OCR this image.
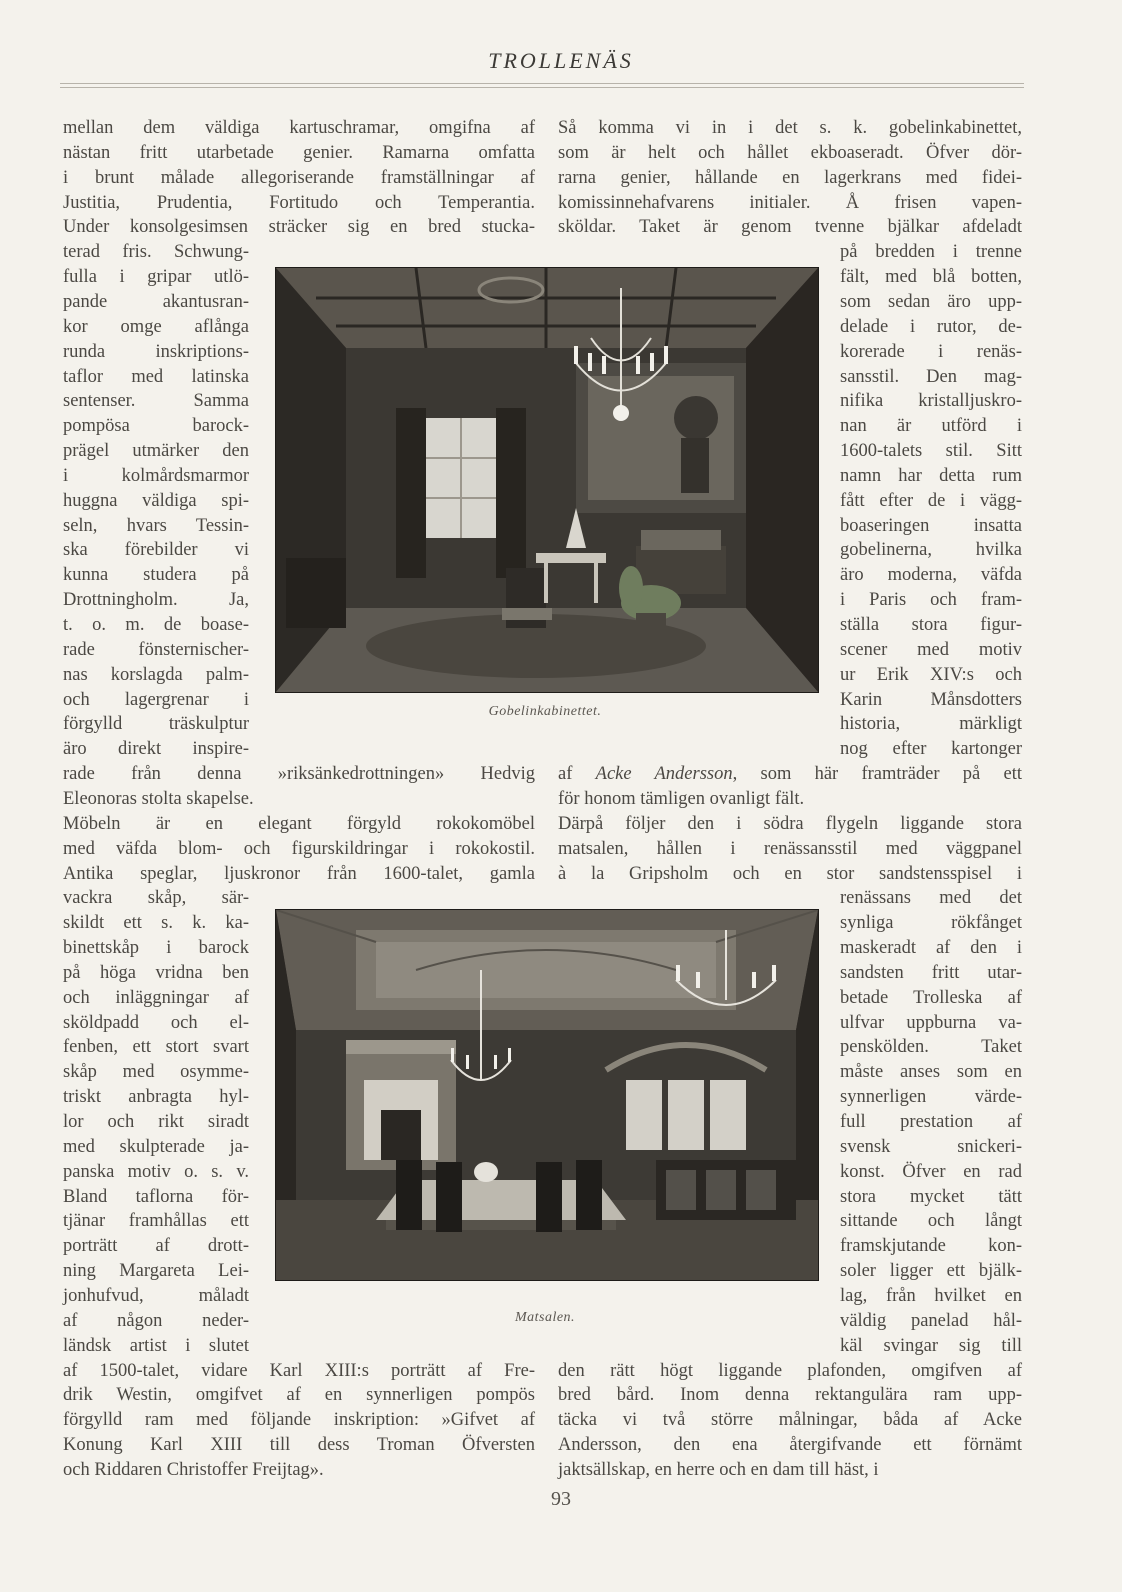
TROLLENÄS
Gobelinkabinettet.
Matsalen.
mellan dem väldiga kartuschramar, omgifna af
nästan fritt utarbetade genier. Ramarna omfatta
i brunt målade allegoriserande framställningar af
Justitia, Prudentia, Fortitudo och Temperantia.
Under konsolgesimsen sträcker sig en bred stucka-
terad fris. Schwung-
fulla i gripar utlö-
pande akantusran-
kor omge aflånga
runda inskriptions-
taflor med latinska
sentenser. Samma
pompösa barock-
prägel utmärker den
i kolmårdsmarmor
huggna väldiga spi-
seln, hvars Tessin-
ska förebilder vi
kunna studera på
Drottningholm. Ja,
t. o. m. de boase-
rade fönsternischer-
nas korslagda palm-
och lagergrenar i
förgylld träskulptur
äro direkt inspire-
rade från denna »riksänkedrottningen» Hedvig
Eleonoras stolta skapelse.
Möbeln är en elegant förgyld rokokomöbel
med väfda blom- och figurskildringar i rokokostil.
Antika speglar, ljuskronor från 1600-talet, gamla
vackra skåp, sär-
skildt ett s. k. ka-
binettskåp i barock
på höga vridna ben
och inläggningar af
sköldpadd och el-
fenben, ett stort svart
skåp med osymme-
triskt anbragta hyl-
lor och rikt siradt
med skulpterade ja-
panska motiv o. s. v.
Bland taflorna för-
tjänar framhållas ett
porträtt af drott-
ning Margareta Lei-
jonhufvud, måladt
af någon neder-
ländsk artist i slutet
af 1500-talet, vidare Karl XIII:s porträtt af Fre-
drik Westin, omgifvet af en synnerligen pompös
förgylld ram med följande inskription: »Gifvet af
Konung Karl XIII till dess Troman Öfversten
och Riddaren Christoffer Freijtag».
Så komma vi in i det s. k. gobelinkabinettet,
som är helt och hållet ekboaseradt. Öfver dör-
rarna genier, hållande en lagerkrans med fidei-
komissinnehafvarens initialer. Å frisen vapen-
sköldar. Taket är genom tvenne bjälkar afdeladt
på bredden i trenne
fält, med blå botten,
som sedan äro upp-
delade i rutor, de-
korerade i renäs-
sansstil. Den mag-
nifika kristalljuskro-
nan är utförd i
1600-talets stil. Sitt
namn har detta rum
fått efter de i vägg-
boaseringen insatta
gobelinerna, hvilka
äro moderna, väfda
i Paris och fram-
ställa stora figur-
scener med motiv
ur Erik XIV:s och
Karin Månsdotters
historia, märkligt
nog efter kartonger
af Acke Andersson, som här framträder på ett
för honom tämligen ovanligt fält.
Därpå följer den i södra flygeln liggande stora
matsalen, hållen i renässansstil med väggpanel
à la Gripsholm och en stor sandstensspisel i
renässans med det
synliga rökfånget
maskeradt af den i
sandsten fritt utar-
betade Trolleska af
ulfvar uppburna va-
penskölden. Taket
måste anses som en
synnerligen värde-
full prestation af
svensk snickeri-
konst. Öfver en rad
stora mycket tätt
sittande och långt
framskjutande kon-
soler ligger ett bjälk-
lag, från hvilket en
väldig panelad hål-
käl svingar sig till
den rätt högt liggande plafonden, omgifven af
bred bård. Inom denna rektangulära ram upp-
täcka vi två större målningar, båda af Acke
Andersson, den ena återgifvande ett förnämt
jaktsällskap, en herre och en dam till häst, i
93
